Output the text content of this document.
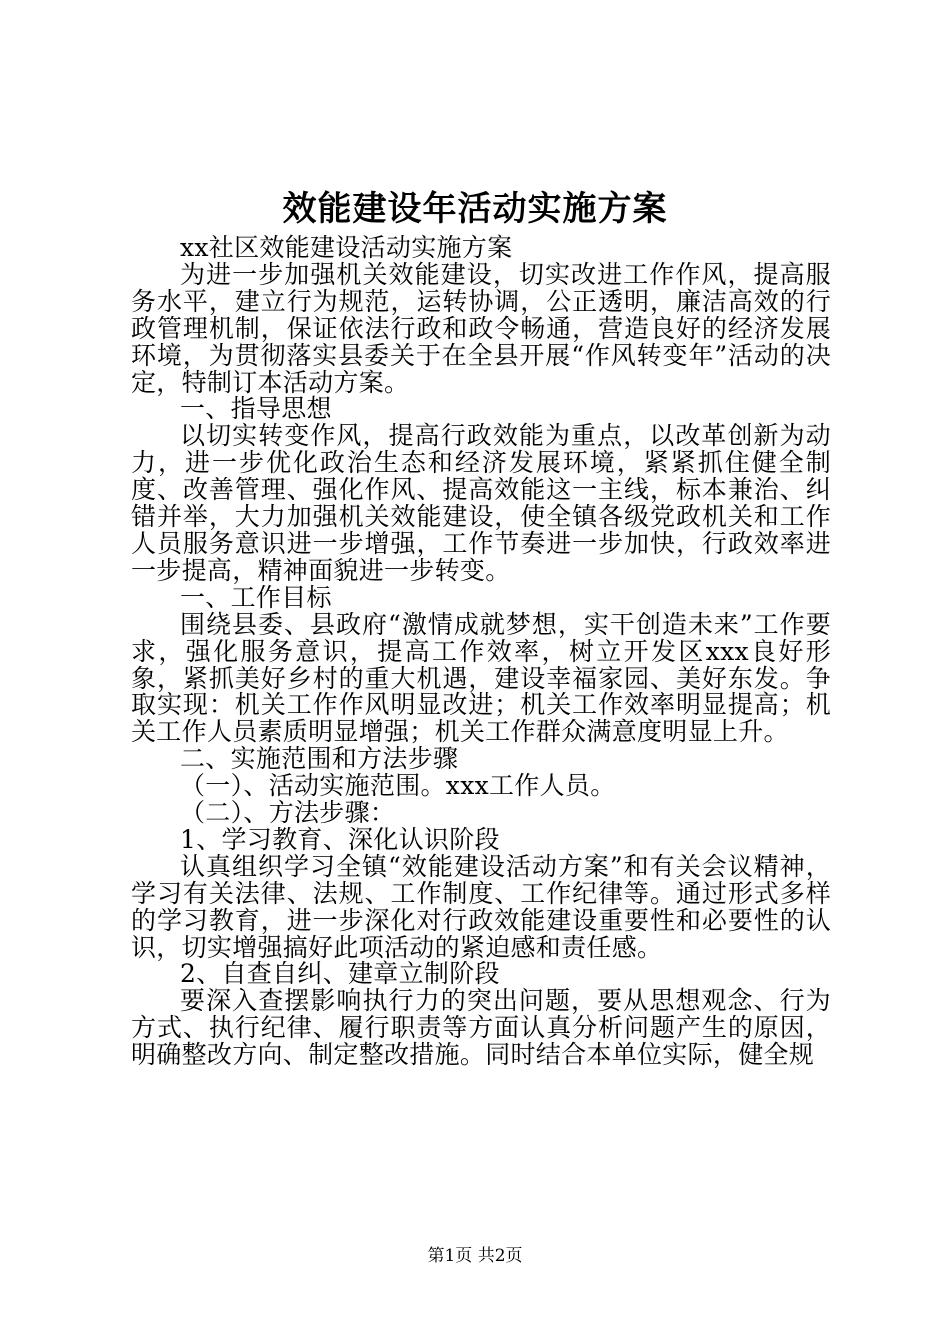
效能建设年活动实施方案

xx社区效能建设活动实施方案

为进一步加强机关效能建设，切实改进工作作风，提高服务水平，建立行为规范，运转协调，公正透明，廉洁高效的行政管理机制，保证依法行政和政令畅通，营造良好的经济发展环境，为贯彻落实县委关于在全县开展“作风转变年”活动的决定，特制订本活动方案。

一、指导思想

以切实转变作风，提高行政效能为重点，以改革创新为动力，进一步优化政治生态和经济发展环境，紧紧抓住健全制度、改善管理、强化作风、提高效能这一主线，标本兼治、纠错并举，大力加强机关效能建设，使全镇各级党政机关和工作人员服务意识进一步增强，工作节奏进一步加快，行政效率进一步提高，精神面貌进一步转变。

一、工作目标

围绕县委、县政府“激情成就梦想，实干创造未来”工作要求，强化服务意识，提高工作效率，树立开发区xxx良好形象，紧抓美好乡村的重大机遇，建设幸福家园、美好东发。争取实现：机关工作作风明显改进；机关工作效率明显提高；机关工作人员素质明显增强；机关工作群众满意度明显上升。

二、实施范围和方法步骤

（一）、活动实施范围。xxx工作人员。

（二）、方法步骤：

1、学习教育、深化认识阶段

认真组织学习全镇“效能建设活动方案”和有关会议精神，学习有关法律、法规、工作制度、工作纪律等。通过形式多样的学习教育，进一步深化对行政效能建设重要性和必要性的认识，切实增强搞好此项活动的紧迫感和责任感。

2、自查自纠、建章立制阶段

要深入查摆影响执行力的突出问题，要从思想观念、行为方式、执行纪律、履行职责等方面认真分析问题产生的原因，明确整改方向、制定整改措施。同时结合本单位实际，健全规

第1页 共2页
